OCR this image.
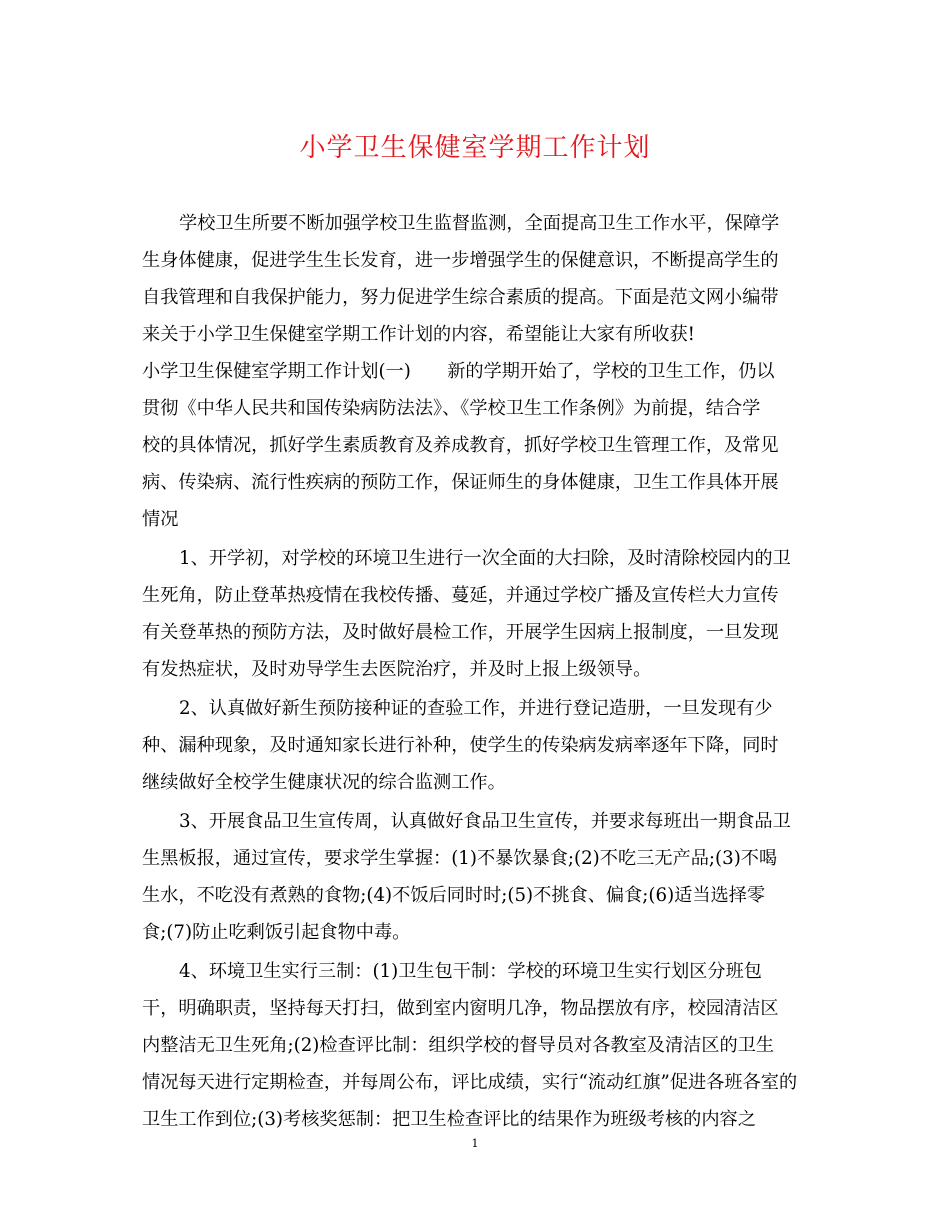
小学卫生保健室学期工作计划
学校卫生所要不断加强学校卫生监督监测，全面提高卫生工作水平，保障学
生身体健康，促进学生生长发育，进一步增强学生的保健意识，不断提高学生的
自我管理和自我保护能力，努力促进学生综合素质的提高。下面是范文网小编带
来关于小学卫生保健室学期工作计划的内容，希望能让大家有所收获!
小学卫生保健室学期工作计划(一)　　新的学期开始了，学校的卫生工作，仍以
贯彻《中华人民共和国传染病防法法》、《学校卫生工作条例》为前提，结合学
校的具体情况，抓好学生素质教育及养成教育，抓好学校卫生管理工作，及常见
病、传染病、流行性疾病的预防工作，保证师生的身体健康，卫生工作具体开展
情况
1、开学初，对学校的环境卫生进行一次全面的大扫除，及时清除校园内的卫
生死角，防止登革热疫情在我校传播、蔓延，并通过学校广播及宣传栏大力宣传
有关登革热的预防方法，及时做好晨检工作，开展学生因病上报制度，一旦发现
有发热症状，及时劝导学生去医院治疗，并及时上报上级领导。
2、认真做好新生预防接种证的查验工作，并进行登记造册，一旦发现有少
种、漏种现象，及时通知家长进行补种，使学生的传染病发病率逐年下降，同时
继续做好全校学生健康状况的综合监测工作。
3、开展食品卫生宣传周，认真做好食品卫生宣传，并要求每班出一期食品卫
生黑板报，通过宣传，要求学生掌握：(1)不暴饮暴食;(2)不吃三无产品;(3)不喝
生水，不吃没有煮熟的食物;(4)不饭后同时时;(5)不挑食、偏食;(6)适当选择零
食;(7)防止吃剩饭引起食物中毒。
4、环境卫生实行三制：(1)卫生包干制：学校的环境卫生实行划区分班包
干，明确职责，坚持每天打扫，做到室内窗明几净，物品摆放有序，校园清洁区
内整洁无卫生死角;(2)检查评比制：组织学校的督导员对各教室及清洁区的卫生
情况每天进行定期检查，并每周公布，评比成绩，实行“流动红旗”促进各班各室的
卫生工作到位;(3)考核奖惩制：把卫生检查评比的结果作为班级考核的内容之
1
